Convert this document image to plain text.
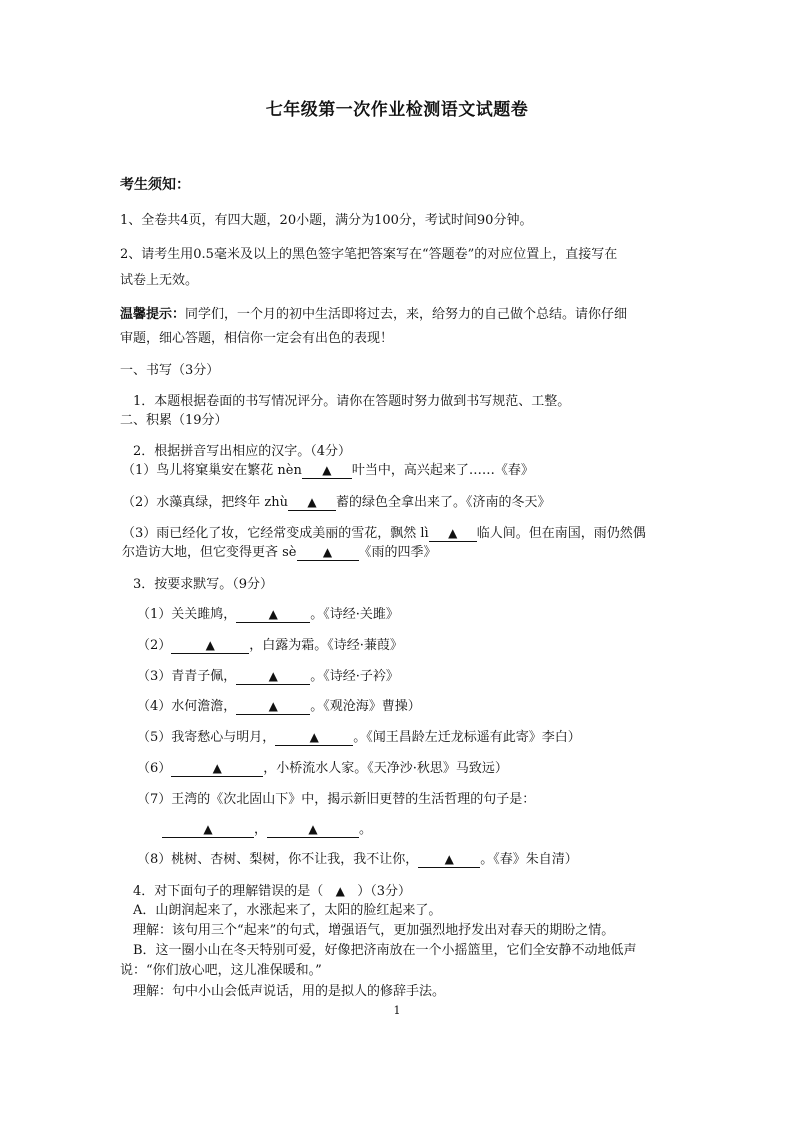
七年级第一次作业检测语文试题卷
考生须知：
1、全卷共4页，有四大题，20小题，满分为100分，考试时间90分钟。
2、请考生用0.5毫米及以上的黑色签字笔把答案写在“答题卷”的对应位置上，直接写在
试卷上无效。
温馨提示：同学们，一个月的初中生活即将过去，来，给努力的自己做个总结。请你仔细
审题，细心答题，相信你一定会有出色的表现！
一、书写（3分）
1．本题根据卷面的书写情况评分。请你在答题时努力做到书写规范、工整。
二、积累（19分）
2．根据拼音写出相应的汉字。（4分）
（1）鸟儿将窠巢安在繁花 nèn ▲ 叶当中，高兴起来了……《春》
（2）水藻真绿，把终年 zhù ▲ 蓄的绿色全拿出来了。《济南的冬天》
（3）雨已经化了妆，它经常变成美丽的雪花，飘然 lì ▲ 临人间。但在南国，雨仍然偶
尔造访大地，但它变得更吝 sè ▲ 《雨的四季》
3．按要求默写。（9分）
（1）关关雎鸠，	▲ 。《诗经·关雎》
（2）	▲	，白露为霜。《诗经·蒹葭》
（3）青青子佩，	▲ 。《诗经·子衿》
（4）水何澹澹，	▲ 。《观沧海》曹操）
（5）我寄愁心与明月，	▲	。《闻王昌龄左迁龙标遥有此寄》李白）
（6）	▲	，小桥流水人家。《天净沙·秋思》马致远）
（7）王湾的《次北固山下》中，揭示新旧更替的生活哲理的句子是：
▲	，	▲	。
（8）桃树、杏树、梨树，你不让我，我不让你， ▲ 。《春》朱自清）
4．对下面句子的理解错误的是（ ▲ ）（3分）
A．山朗润起来了，水涨起来了，太阳的脸红起来了。
理解：该句用三个“起来”的句式，增强语气，更加强烈地抒发出对春天的期盼之情。
B．这一圈小山在冬天特别可爱，好像把济南放在一个小摇篮里，它们全安静不动地低声
说：“你们放心吧，这儿准保暖和。”
理解：句中小山会低声说话，用的是拟人的修辞手法。
1
